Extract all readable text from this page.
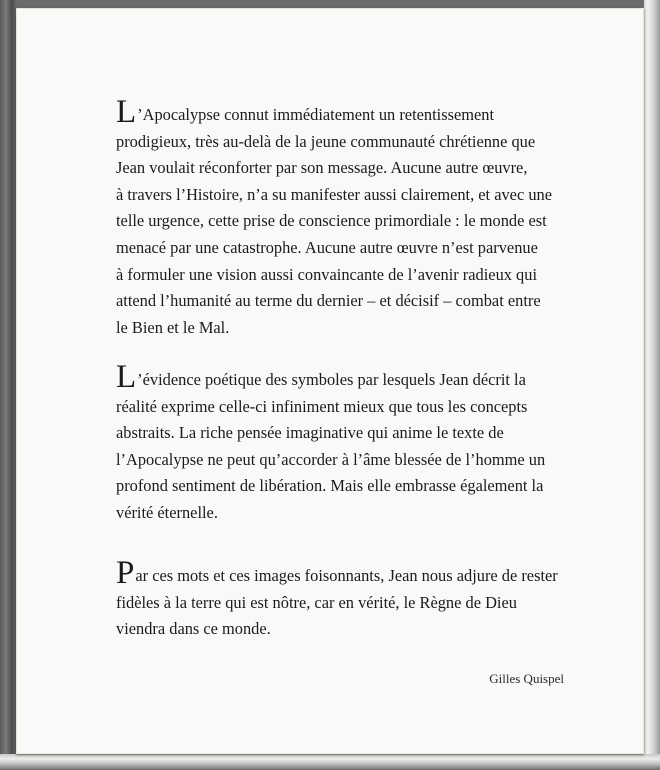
L’Apocalypse connut immédiatement un retentissement
prodigieux, très au-delà de la jeune communauté chrétienne que
Jean voulait réconforter par son message. Aucune autre œuvre,
à travers l’Histoire, n’a su manifester aussi clairement, et avec une
telle urgence, cette prise de conscience primordiale : le monde est
menacé par une catastrophe. Aucune autre œuvre n’est parvenue
à formuler une vision aussi convaincante de l’avenir radieux qui
attend l’humanité au terme du dernier – et décisif – combat entre
le Bien et le Mal.

L’évidence poétique des symboles par lesquels Jean décrit la
réalité exprime celle-ci infiniment mieux que tous les concepts
abstraits. La riche pensée imaginative qui anime le texte de
l’Apocalypse ne peut qu’accorder à l’âme blessée de l’homme un
profond sentiment de libération. Mais elle embrasse également la
vérité éternelle.

Par ces mots et ces images foisonnants, Jean nous adjure de rester
fidèles à la terre qui est nôtre, car en vérité, le Règne de Dieu
viendra dans ce monde.

Gilles Quispel
